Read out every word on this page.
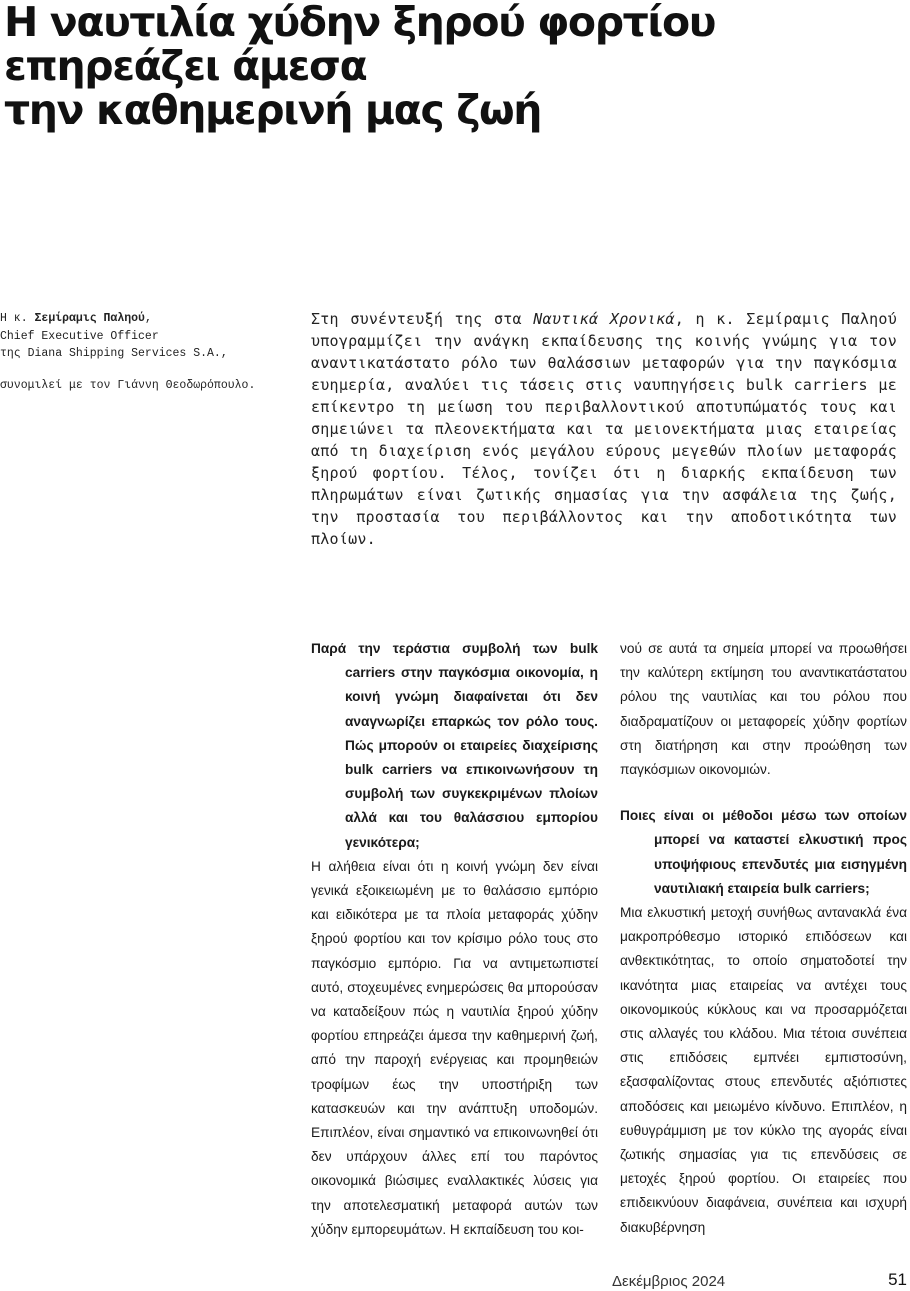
Η ναυτιλία χύδην ξηρού φορτίου
επηρεάζει άμεσα
την καθημερινή μας ζωή
Η κ. Σεμίραμις Παληού,
Chief Executive Officer
της Diana Shipping Services S.A.,
συνομιλεί με τον Γιάννη Θεοδωρόπουλο.

Στη συνέντευξή της στα Ναυτικά Χρονικά, η κ. Σεμίραμις Παληού υπογραμμίζει την ανάγκη εκπαίδευσης της κοινής γνώμης για τον αναντικατάστατο ρόλο των θαλάσσιων μεταφορών για την παγκόσμια ευημερία, αναλύει τις τάσεις στις ναυπηγήσεις bulk carriers με επίκεντρο τη μείωση του περιβαλλοντικού αποτυπώματός τους και σημειώνει τα πλεονεκτήματα και τα μειονεκτήματα μιας εταιρείας από τη διαχείριση ενός μεγάλου εύρους μεγεθών πλοίων μεταφοράς ξηρού φορτίου. Τέλος, τονίζει ότι η διαρκής εκπαίδευση των πληρωμάτων είναι ζωτικής σημασίας για την ασφάλεια της ζωής, την προστασία του περιβάλλοντος και την αποδοτικότητα των πλοίων.

Παρά την τεράστια συμβολή των bulk carriers στην παγκόσμια οικονομία, η κοινή γνώμη διαφαίνεται ότι δεν αναγνωρίζει επαρκώς τον ρόλο τους. Πώς μπορούν οι εταιρείες διαχείρισης bulk carriers να επικοινωνήσουν τη συμβολή των συγκεκριμένων πλοίων αλλά και του θαλάσσιου εμπορίου γενικότερα;

Η αλήθεια είναι ότι η κοινή γνώμη δεν είναι γενικά εξοικειωμένη με το θαλάσσιο εμπόριο και ειδικότερα με τα πλοία μεταφοράς χύδην ξηρού φορτίου και τον κρίσιμο ρόλο τους στο παγκόσμιο εμπόριο. Για να αντιμετωπιστεί αυτό, στοχευμένες ενημερώσεις θα μπορούσαν να καταδείξουν πώς η ναυτιλία ξηρού χύδην φορτίου επηρεάζει άμεσα την καθημερινή ζωή, από την παροχή ενέργειας και προμηθειών τροφίμων έως την υποστήριξη των κατασκευών και την ανάπτυξη υποδομών. Επιπλέον, είναι σημαντικό να επικοινωνηθεί ότι δεν υπάρχουν άλλες επί του παρόντος οικονομικά βιώσιμες εναλλακτικές λύσεις για την αποτελεσματική μεταφορά αυτών των χύδην εμπορευμάτων. Η εκπαίδευση του κοι-

νού σε αυτά τα σημεία μπορεί να προωθήσει την καλύτερη εκτίμηση του αναντικατάστατου ρόλου της ναυτιλίας και του ρόλου που διαδραματίζουν οι μεταφορείς χύδην φορτίων στη διατήρηση και στην προώθηση των παγκόσμιων οικονομιών.

Ποιες είναι οι μέθοδοι μέσω των οποίων μπορεί να καταστεί ελκυστική προς υποψήφιους επενδυτές μια εισηγμένη ναυτιλιακή εταιρεία bulk carriers;

Μια ελκυστική μετοχή συνήθως αντανακλά ένα μακροπρόθεσμο ιστορικό επιδόσεων και ανθεκτικότητας, το οποίο σηματοδοτεί την ικανότητα μιας εταιρείας να αντέχει τους οικονομικούς κύκλους και να προσαρμόζεται στις αλλαγές του κλάδου. Μια τέτοια συνέπεια στις επιδόσεις εμπνέει εμπιστοσύνη, εξασφαλίζοντας στους επενδυτές αξιόπιστες αποδόσεις και μειωμένο κίνδυνο. Επιπλέον, η ευθυγράμμιση με τον κύκλο της αγοράς είναι ζωτικής σημασίας για τις επενδύσεις σε μετοχές ξηρού φορτίου. Οι εταιρείες που επιδεικνύουν διαφάνεια, συνέπεια και ισχυρή διακυβέρνηση

Δεκέμβριος 2024	51
